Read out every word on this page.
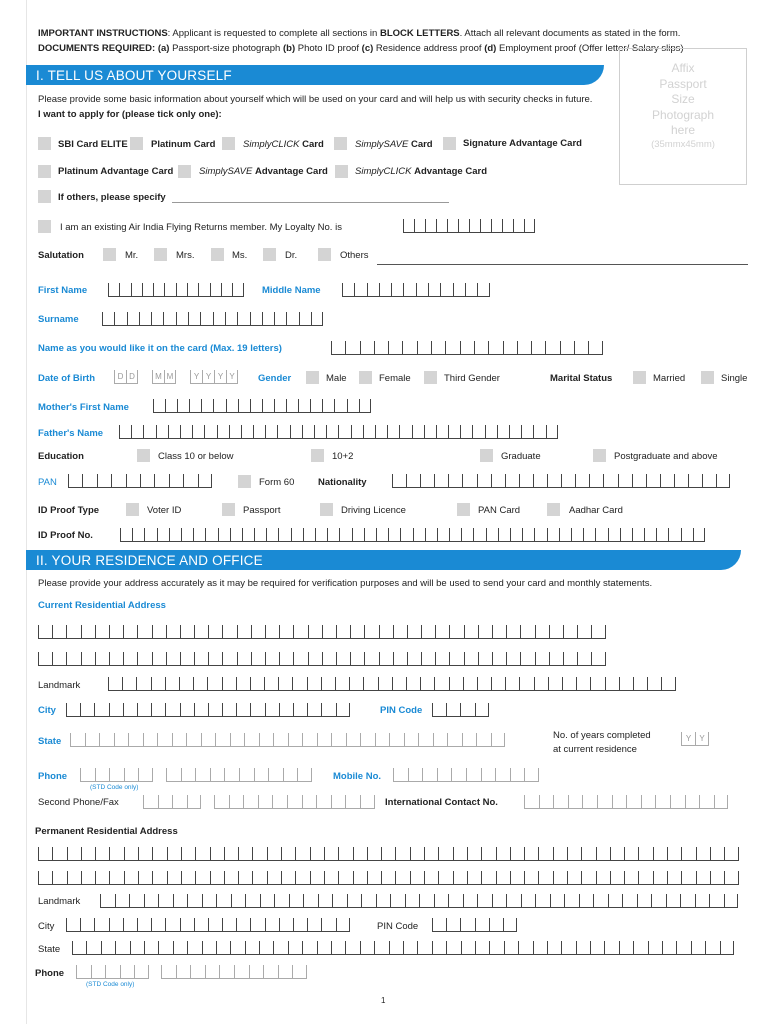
IMPORTANT INSTRUCTIONS: Applicant is requested to complete all sections in BLOCK LETTERS. Attach all relevant documents as stated in the form.
DOCUMENTS REQUIRED: (a) Passport-size photograph (b) Photo ID proof (c) Residence address proof (d) Employment proof (Offer letter/ Salary slips)
Affix
Passport
Size
Photograph
here
(35mmx45mm)
I. TELL US ABOUT YOURSELF
Please provide some basic information about yourself which will be used on your card and will help us with security checks in future.
I want to apply for (please tick only one):
SBI Card ELITE Platinum Card	SimplyCLICK Card	SimplySAVE Card	Signature Advantage Card
Platinum Advantage Card	SimplySAVE Advantage Card	SimplyCLICK Advantage Card
If others, please specify
I am an existing Air India Flying Returns member. My Loyalty No. is
Salutation	Mr.	Mrs.	Ms.	Dr.	Others
First Name	Middle Name
Surname
Name as you would like it on the card (Max. 19 letters)
Date of Birth	D D	M M	Y Y Y Y	Gender	Male	Female	Third Gender	Marital Status	Married	Single
Mother's First Name
Father's Name
Education	Class 10 or below	10+2	Graduate	Postgraduate and above
PAN	Form 60 Nationality
ID Proof Type	Voter ID	Passport	Driving Licence	PAN Card	Aadhar Card
ID Proof No.
II. YOUR RESIDENCE AND OFFICE
Please provide your address accurately as it may be required for verification purposes and will be used to send your card and monthly statements.
Current Residential Address
Landmark
City	PIN Code
State
No. of years completed
at current residence
Y	Y
Phone
(STD Code only)
Mobile No.
Second Phone/Fax	International Contact No.
Permanent Residential Address
Landmark
City	PIN Code
State
Phone
(STD Code only)
1
